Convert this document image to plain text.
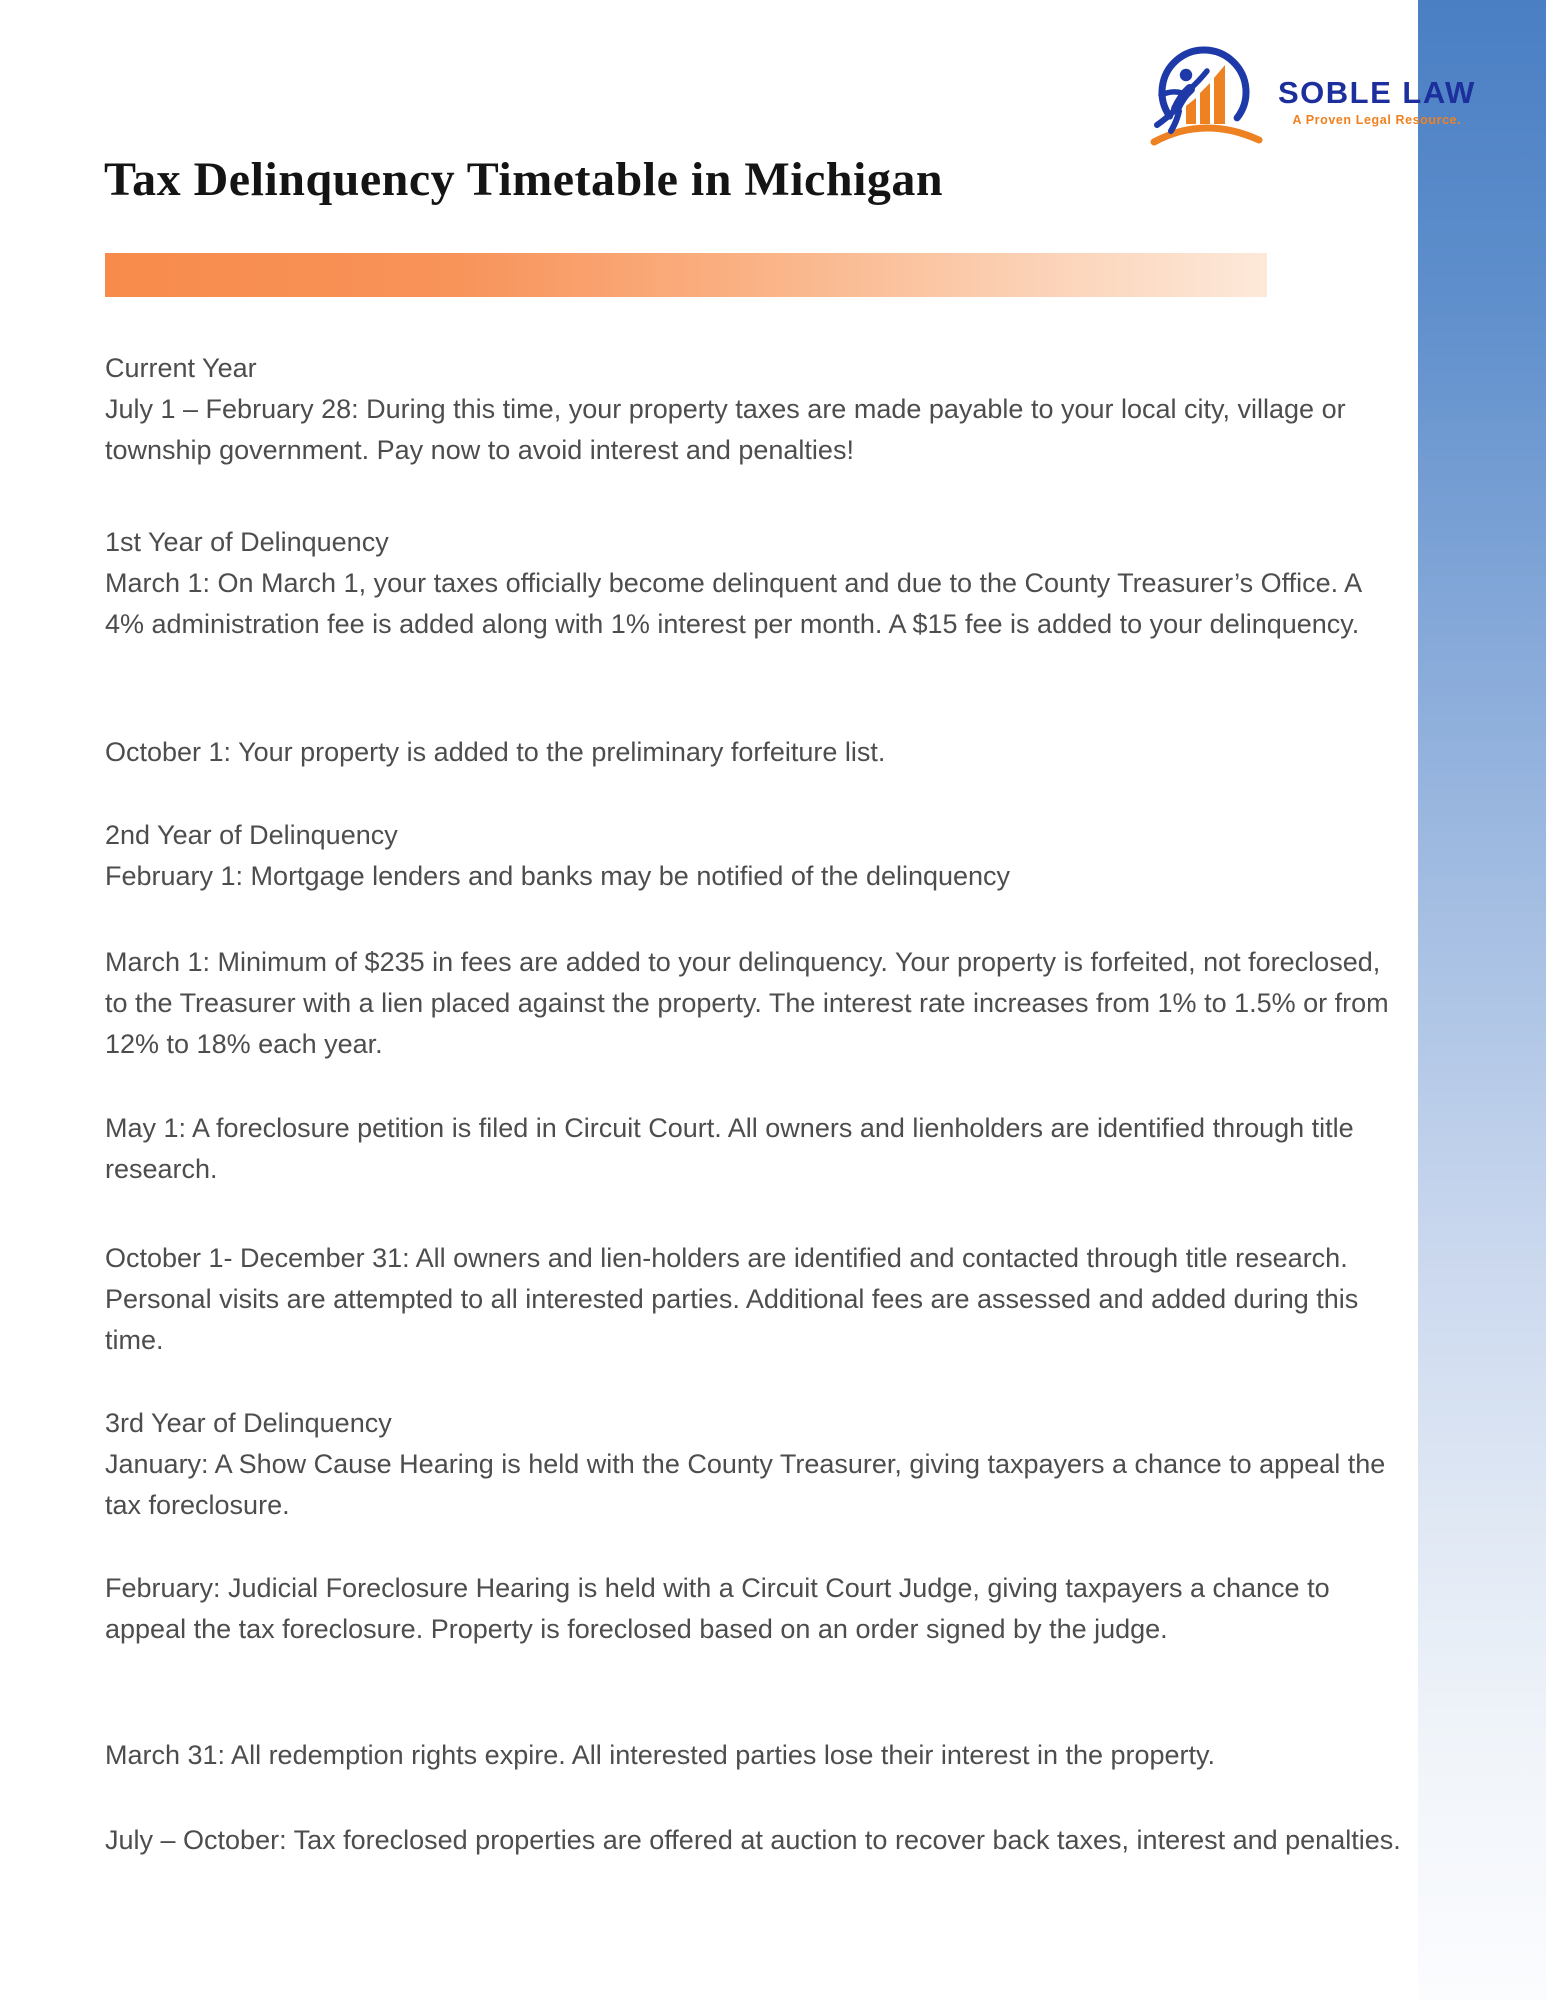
SOBLE LAW
A Proven Legal Resource.
Tax Delinquency Timetable in Michigan

Current Year
July 1 – February 28: During this time, your property taxes are made payable to your local city, village or township government. Pay now to avoid interest and penalties!

1st Year of Delinquency
March 1: On March 1, your taxes officially become delinquent and due to the County Treasurer’s Office. A 4% administration fee is added along with 1% interest per month. A $15 fee is added to your delinquency.

October 1: Your property is added to the preliminary forfeiture list.

2nd Year of Delinquency
February 1: Mortgage lenders and banks may be notified of the delinquency

March 1: Minimum of $235 in fees are added to your delinquency. Your property is forfeited, not foreclosed, to the Treasurer with a lien placed against the property. The interest rate increases from 1% to 1.5% or from 12% to 18% each year.

May 1: A foreclosure petition is filed in Circuit Court. All owners and lienholders are identified through title research.

October 1- December 31: All owners and lien-holders are identified and contacted through title research. Personal visits are attempted to all interested parties. Additional fees are assessed and added during this time.

3rd Year of Delinquency
January: A Show Cause Hearing is held with the County Treasurer, giving taxpayers a chance to appeal the tax foreclosure.

February: Judicial Foreclosure Hearing is held with a Circuit Court Judge, giving taxpayers a chance to appeal the tax foreclosure. Property is foreclosed based on an order signed by the judge.

March 31: All redemption rights expire. All interested parties lose their interest in the property.

July – October: Tax foreclosed properties are offered at auction to recover back taxes, interest and penalties.
